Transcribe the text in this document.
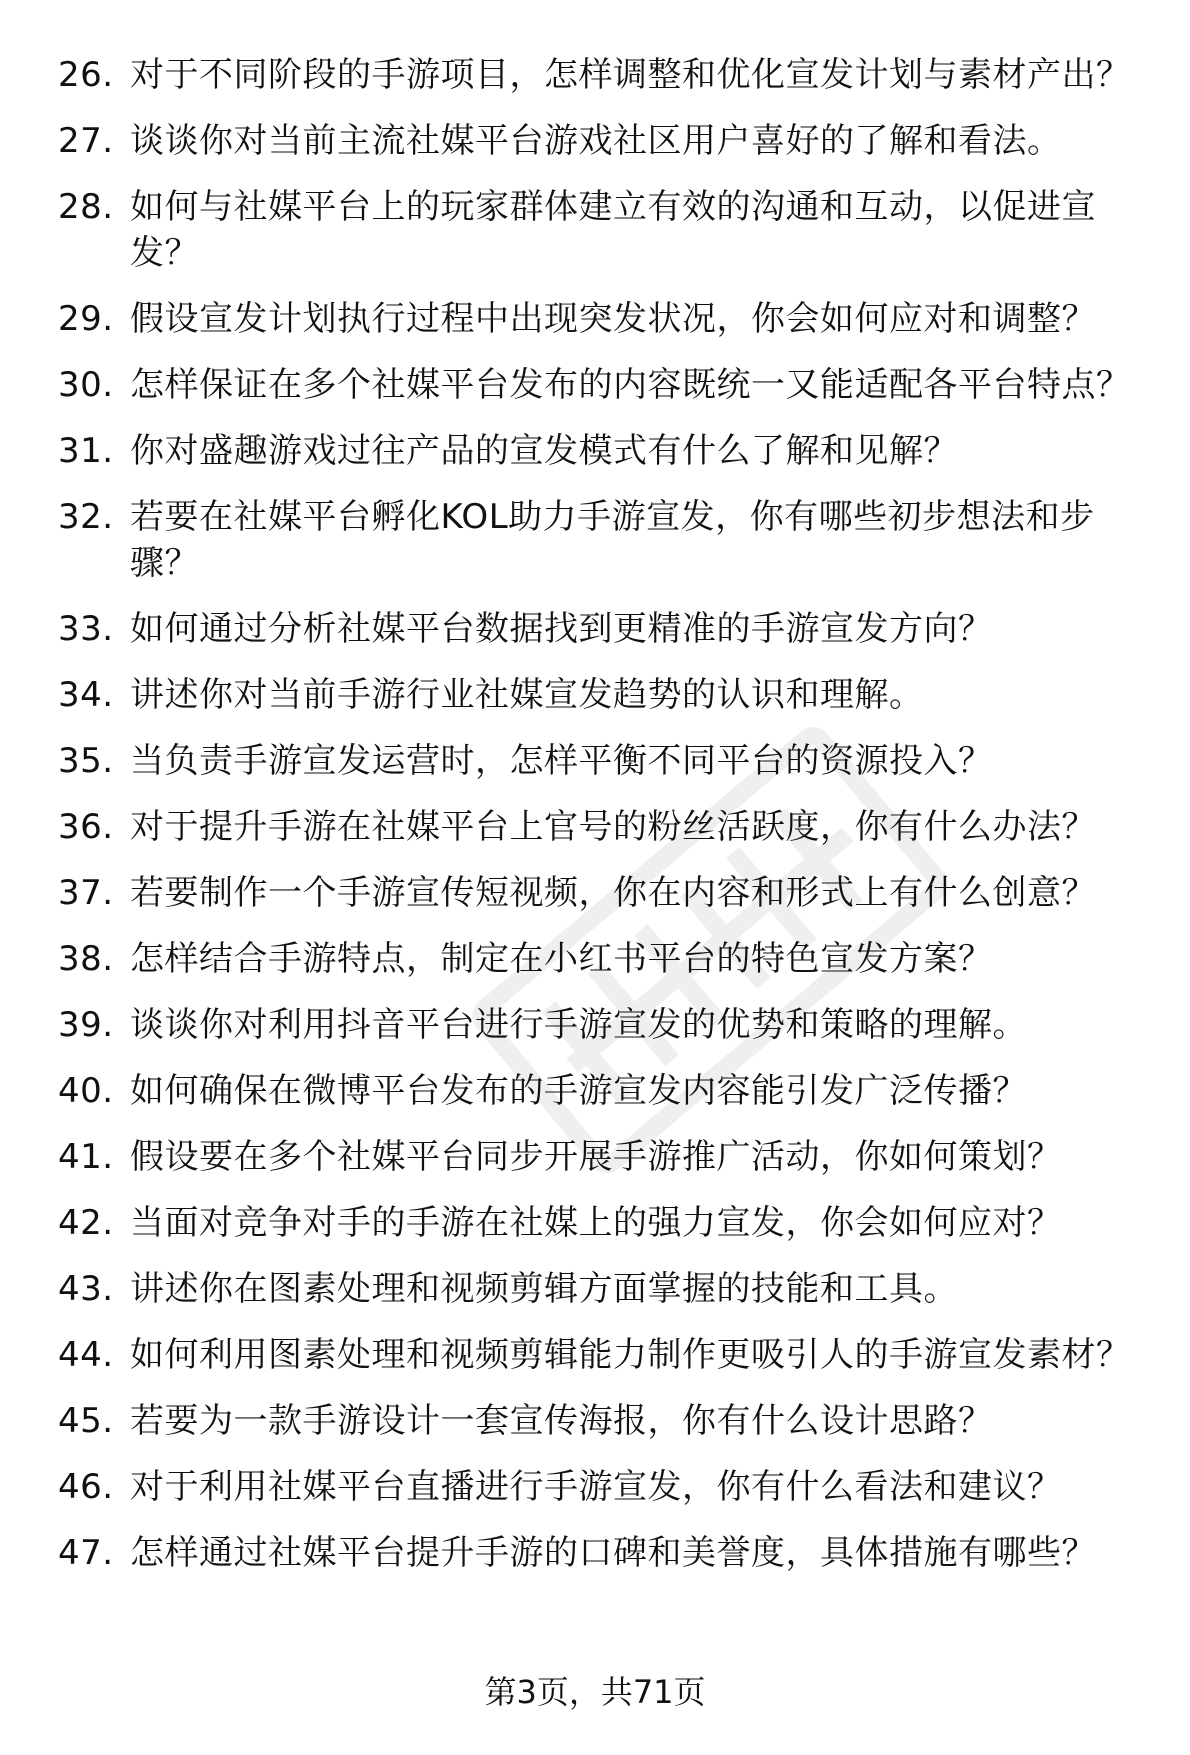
26. 对于不同阶段的手游项目，怎样调整和优化宣发计划与素材产出？
27. 谈谈你对当前主流社媒平台游戏社区用户喜好的了解和看法。
28. 如何与社媒平台上的玩家群体建立有效的沟通和互动，以促进宣发？
29. 假设宣发计划执行过程中出现突发状况，你会如何应对和调整？
30. 怎样保证在多个社媒平台发布的内容既统一又能适配各平台特点？
31. 你对盛趣游戏过往产品的宣发模式有什么了解和见解？
32. 若要在社媒平台孵化KOL助力手游宣发，你有哪些初步想法和步骤？
33. 如何通过分析社媒平台数据找到更精准的手游宣发方向？
34. 讲述你对当前手游行业社媒宣发趋势的认识和理解。
35. 当负责手游宣发运营时，怎样平衡不同平台的资源投入？
36. 对于提升手游在社媒平台上官号的粉丝活跃度，你有什么办法？
37. 若要制作一个手游宣传短视频，你在内容和形式上有什么创意？
38. 怎样结合手游特点，制定在小红书平台的特色宣发方案？
39. 谈谈你对利用抖音平台进行手游宣发的优势和策略的理解。
40. 如何确保在微博平台发布的手游宣发内容能引发广泛传播？
41. 假设要在多个社媒平台同步开展手游推广活动，你如何策划？
42. 当面对竞争对手的手游在社媒上的强力宣发，你会如何应对？
43. 讲述你在图素处理和视频剪辑方面掌握的技能和工具。
44. 如何利用图素处理和视频剪辑能力制作更吸引人的手游宣发素材？
45. 若要为一款手游设计一套宣传海报，你有什么设计思路？
46. 对于利用社媒平台直播进行手游宣发，你有什么看法和建议？
47. 怎样通过社媒平台提升手游的口碑和美誉度，具体措施有哪些？
第3页，共71页
